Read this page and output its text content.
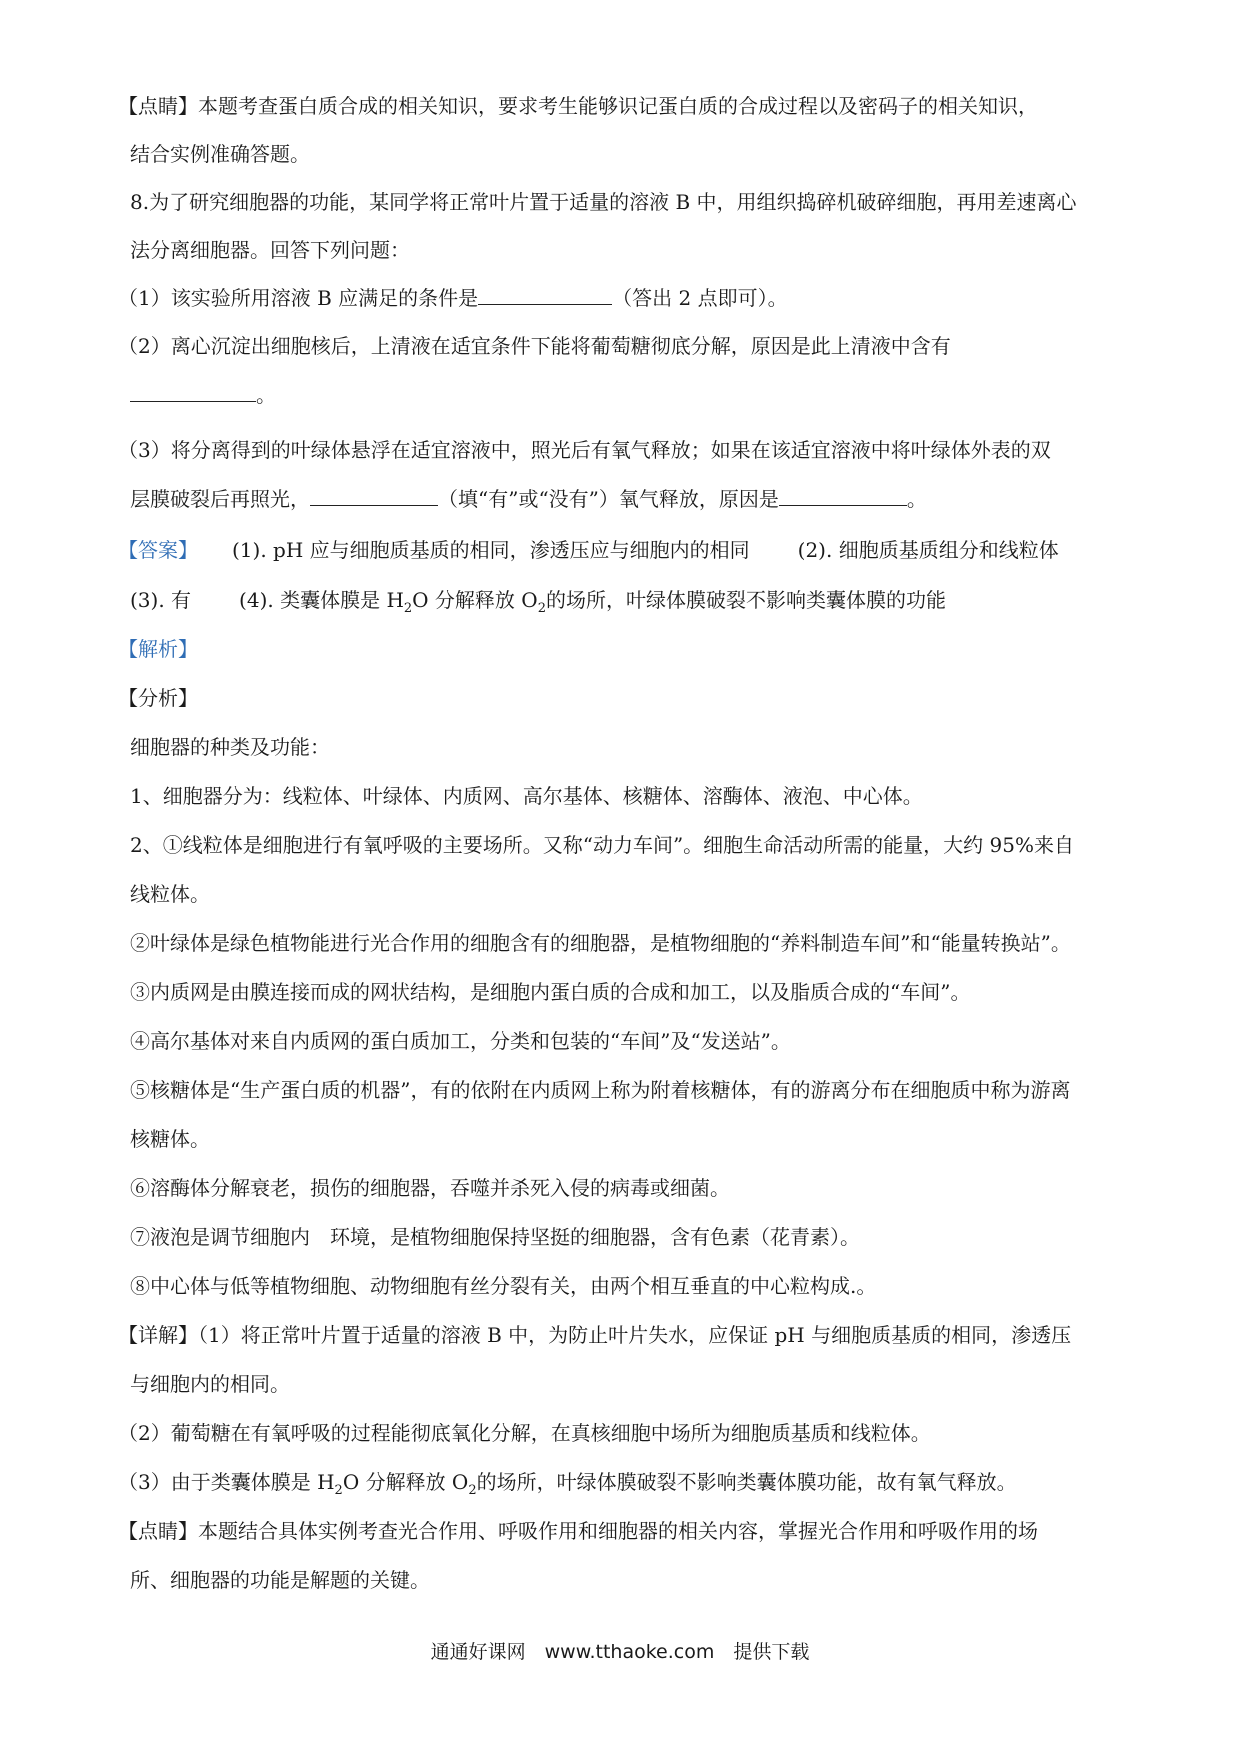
【点睛】本题考查蛋白质合成的相关知识，要求考生能够识记蛋白质的合成过程以及密码子的相关知识，
结合实例准确答题。
8.为了研究细胞器的功能，某同学将正常叶片置于适量的溶液 B 中，用组织捣碎机破碎细胞，再用差速离心
法分离细胞器。回答下列问题：
（1）该实验所用溶液 B 应满足的条件是	（答出 2 点即可）。
（2）离心沉淀出细胞核后，上清液在适宜条件下能将葡萄糖彻底分解，原因是此上清液中含有
。
（3）将分离得到的叶绿体悬浮在适宜溶液中，照光后有氧气释放；如果在该适宜溶液中将叶绿体外表的双
层膜破裂后再照光，	（填“有”或“没有”）氧气释放，原因是	。
【答案】 (1). pH 应与细胞质基质的相同，渗透压应与细胞内的相同 (2). 细胞质基质组分和线粒体
(3). 有 (4). 类囊体膜是 $H_2O$ 分解释放 $O_2$的场所，叶绿体膜破裂不影响类囊体膜的功能
【解析】
【分析】
细胞器的种类及功能：
1、细胞器分为：线粒体、叶绿体、内质网、高尔基体、核糖体、溶酶体、液泡、中心体。
2、①线粒体是细胞进行有氧呼吸的主要场所。又称“动力车间”。细胞生命活动所需的能量，大约 95%来自
线粒体。
②叶绿体是绿色植物能进行光合作用的细胞含有的细胞器，是植物细胞的“养料制造车间”和“能量转换站”。
③内质网是由膜连接而成的网状结构，是细胞内蛋白质的合成和加工，以及脂质合成的“车间”。
④高尔基体对来自内质网的蛋白质加工，分类和包装的“车间”及“发送站”。
⑤核糖体是“生产蛋白质的机器”，有的依附在内质网上称为附着核糖体，有的游离分布在细胞质中称为游离
核糖体。
⑥溶酶体分解衰老，损伤的细胞器，吞噬并杀死入侵的病毒或细菌。
⑦液泡是调节细胞内　环境，是植物细胞保持坚挺的细胞器，含有色素（花青素）。
⑧中心体与低等植物细胞、动物细胞有丝分裂有关，由两个相互垂直的中心粒构成.。
【详解】（1）将正常叶片置于适量的溶液 B 中，为防止叶片失水，应保证 pH 与细胞质基质的相同，渗透压
与细胞内的相同。
（2）葡萄糖在有氧呼吸的过程能彻底氧化分解，在真核细胞中场所为细胞质基质和线粒体。
（3）由于类囊体膜是 $H_2O$ 分解释放 $O_2$的场所，叶绿体膜破裂不影响类囊体膜功能，故有氧气释放。
【点睛】本题结合具体实例考查光合作用、呼吸作用和细胞器的相关内容，掌握光合作用和呼吸作用的场
所、细胞器的功能是解题的关键。
通通好课网　www.tthaoke.com　提供下载
